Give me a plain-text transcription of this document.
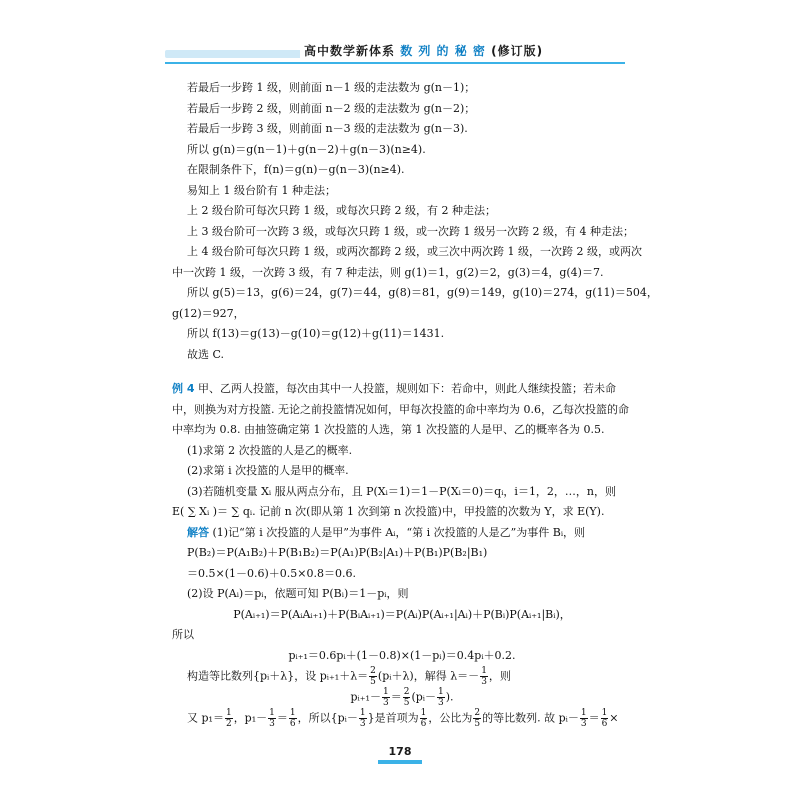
高中数学新体系 数 列 的 秘 密 (修订版)

若最后一步跨 1 级，则前面 n－1 级的走法数为 g(n－1)；

若最后一步跨 2 级，则前面 n－2 级的走法数为 g(n－2)；

若最后一步跨 3 级，则前面 n－3 级的走法数为 g(n－3).

所以 g(n)＝g(n－1)＋g(n－2)＋g(n－3)(n≥4).

在限制条件下，f(n)＝g(n)－g(n－3)(n≥4).

易知上 1 级台阶有 1 种走法；

上 2 级台阶可每次只跨 1 级，或每次只跨 2 级，有 2 种走法；

上 3 级台阶可一次跨 3 级，或每次只跨 1 级，或一次跨 1 级另一次跨 2 级，有 4 种走法；

上 4 级台阶可每次只跨 1 级，或两次都跨 2 级，或三次中两次跨 1 级，一次跨 2 级，或两次

中一次跨 1 级，一次跨 3 级，有 7 种走法，则 g(1)＝1，g(2)＝2，g(3)＝4，g(4)＝7.

所以 g(5)＝13，g(6)＝24，g(7)＝44，g(8)＝81，g(9)＝149，g(10)＝274，g(11)＝504，

g(12)＝927，

所以 f(13)＝g(13)－g(10)＝g(12)＋g(11)＝1431.

故选 C.

例 4 甲、乙两人投篮，每次由其中一人投篮，规则如下：若命中，则此人继续投篮；若未命

中，则换为对方投篮. 无论之前投篮情况如何，甲每次投篮的命中率均为 0.6，乙每次投篮的命

中率均为 0.8. 由抽签确定第 1 次投篮的人选，第 1 次投篮的人是甲、乙的概率各为 0.5.

(1)求第 2 次投篮的人是乙的概率.

(2)求第 i 次投篮的人是甲的概率.

(3)若随机变量 Xᵢ 服从两点分布，且 P(Xᵢ＝1)＝1－P(Xᵢ＝0)＝qᵢ，i＝1，2，…，n，则

E( ∑ Xᵢ )＝ ∑ qᵢ. 记前 n 次(即从第 1 次到第 n 次投篮)中，甲投篮的次数为 Y，求 E(Y).

解答 (1)记“第 i 次投篮的人是甲”为事件 Aᵢ，“第 i 次投篮的人是乙”为事件 Bᵢ，则

P(B₂)＝P(A₁B₂)＋P(B₁B₂)＝P(A₁)P(B₂|A₁)＋P(B₁)P(B₂|B₁)

＝0.5×(1－0.6)＋0.5×0.8＝0.6.

(2)设 P(Aᵢ)＝pᵢ，依题可知 P(Bᵢ)＝1－pᵢ，则

P(Aᵢ₊₁)＝P(AᵢAᵢ₊₁)＋P(BᵢAᵢ₊₁)＝P(Aᵢ)P(Aᵢ₊₁|Aᵢ)＋P(Bᵢ)P(Aᵢ₊₁|Bᵢ)，

所以

pᵢ₊₁＝0.6pᵢ＋(1－0.8)×(1－pᵢ)＝0.4pᵢ＋0.2.

构造等比数列{pᵢ＋λ}，设 pᵢ₊₁＋λ＝ $\frac{2}{5}$ (pᵢ＋λ)，解得 $\lambda=- \frac{1}{3}$ ，则

pᵢ₊₁－ $\frac{1}{3} = \frac{2}{5}$ (pᵢ－ $\frac{1}{3}$ ).

又 $p_1= \frac{1}{2}$ ，$p_1- \frac{1}{3} = \frac{1}{6}$ ，所以{pᵢ－ $\frac{1}{3}$ }是首项为 $\frac{1}{6}$ ，公比为 $\frac{2}{5}$ 的等比数列. 故 pᵢ－ $\frac{1}{3} = \frac{1}{6}$ ×

178
